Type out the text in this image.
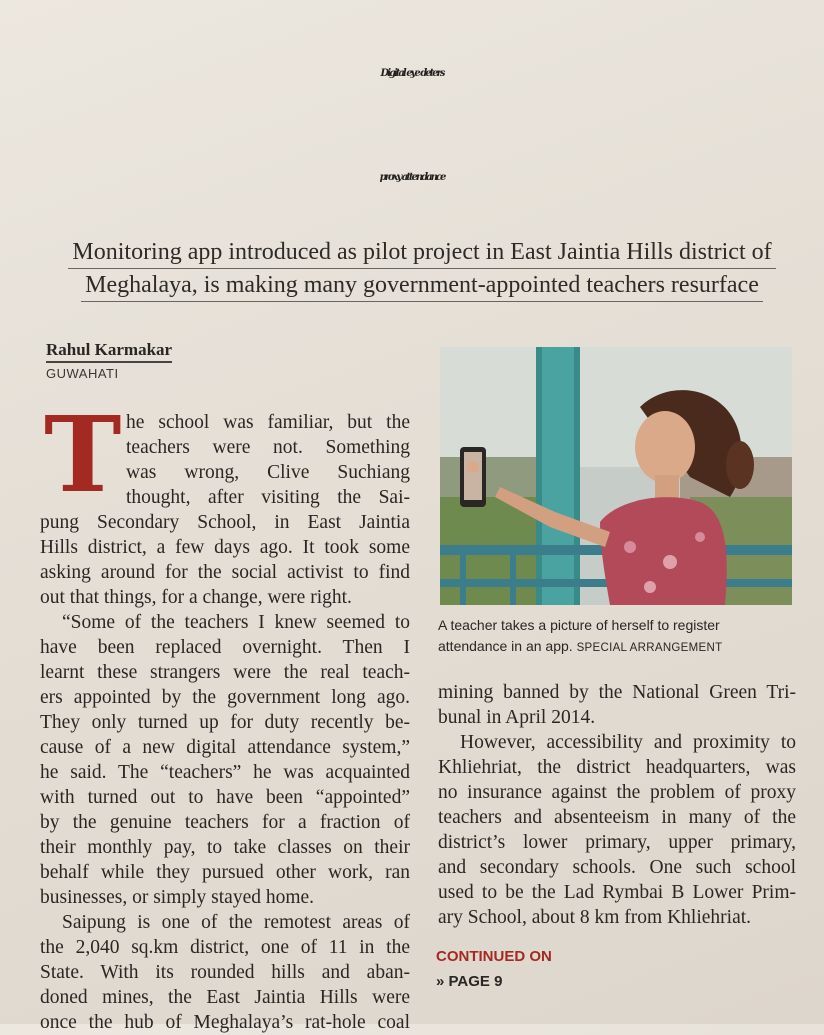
Digital eye deters
proxy attendance
Monitoring app introduced as pilot project in East Jaintia Hills district of
Meghalaya, is making many government-appointed teachers resurface
Rahul Karmakar
GUWAHATI
T he school was familiar, but the
teachers were not. Something
was wrong, Clive Suchiang
thought, after visiting the Sai-
pung Secondary School, in East Jaintia
Hills district, a few days ago. It took some
asking around for the social activist to find
out that things, for a change, were right.
“Some of the teachers I knew seemed to
have been replaced overnight. Then I
learnt these strangers were the real teach-
ers appointed by the government long ago.
They only turned up for duty recently be-
cause of a new digital attendance system,”
he said. The “teachers” he was acquainted
with turned out to have been “appointed”
by the genuine teachers for a fraction of
their monthly pay, to take classes on their
behalf while they pursued other work, ran
businesses, or simply stayed home.
Saipung is one of the remotest areas of
the 2,040 sq.km district, one of 11 in the
State. With its rounded hills and aban-
doned mines, the East Jaintia Hills were
once the hub of Meghalaya’s rat-hole coal
A teacher takes a picture of herself to register
attendance in an app. SPECIAL ARRANGEMENT
mining banned by the National Green Tri-
bunal in April 2014.
However, accessibility and proximity to
Khliehriat, the district headquarters, was
no insurance against the problem of proxy
teachers and absenteeism in many of the
district’s lower primary, upper primary,
and secondary schools. One such school
used to be the Lad Rymbai B Lower Prim-
ary School, about 8 km from Khliehriat.
CONTINUED ON
» PAGE 9
